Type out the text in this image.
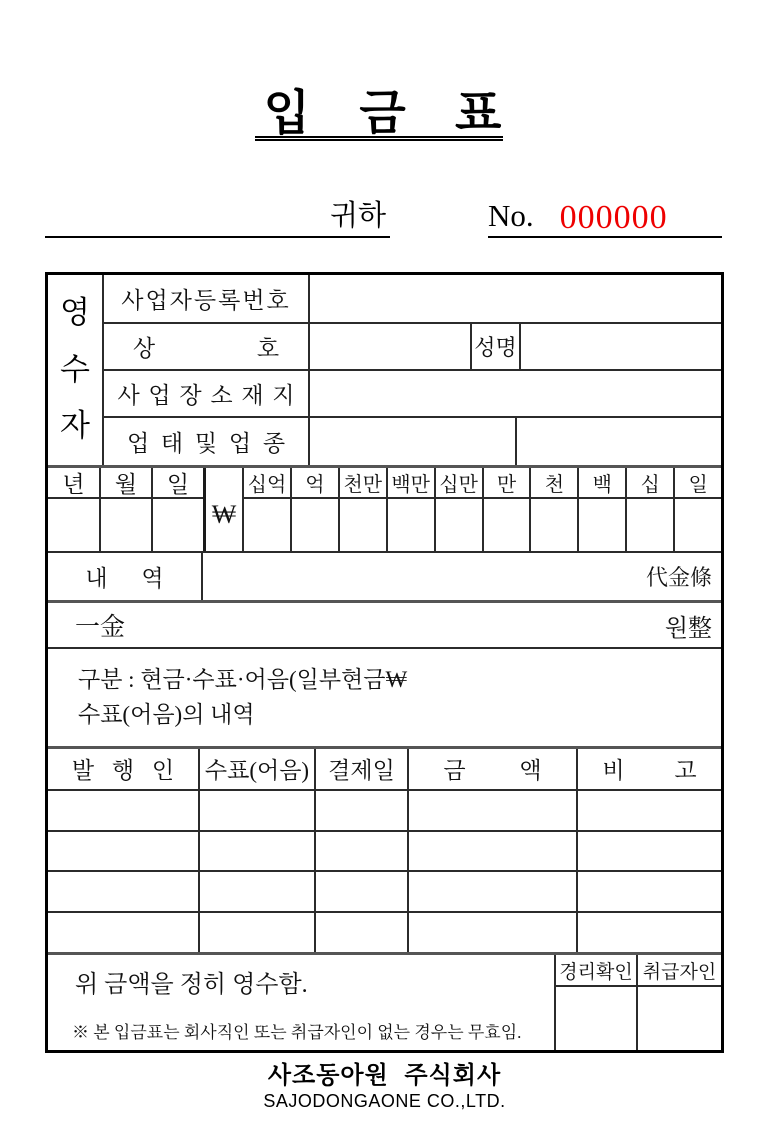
입 금 표
귀하	No. 000000
영
수
자
사업자등록번호
상 호	성명
사 업 장 소 재 지
업 태 및 업 종
년	월	일
₩
십억 억 천만 백만 십만 만	천	백	십	일
내 역	代金條
一金	원整
구분 : 현금·수표·어음(일부현금₩
수표(어음)의 내역
발 행 인	수표(어음) 결제일	금 액	비 고
위 금액을 정히 영수함.
※ 본 입금표는 회사직인 또는 취급자인이 없는 경우는 무효임.
경리확인 취급자인
사조동아원 주식회사
SAJODONGAONE CO.,LTD.
